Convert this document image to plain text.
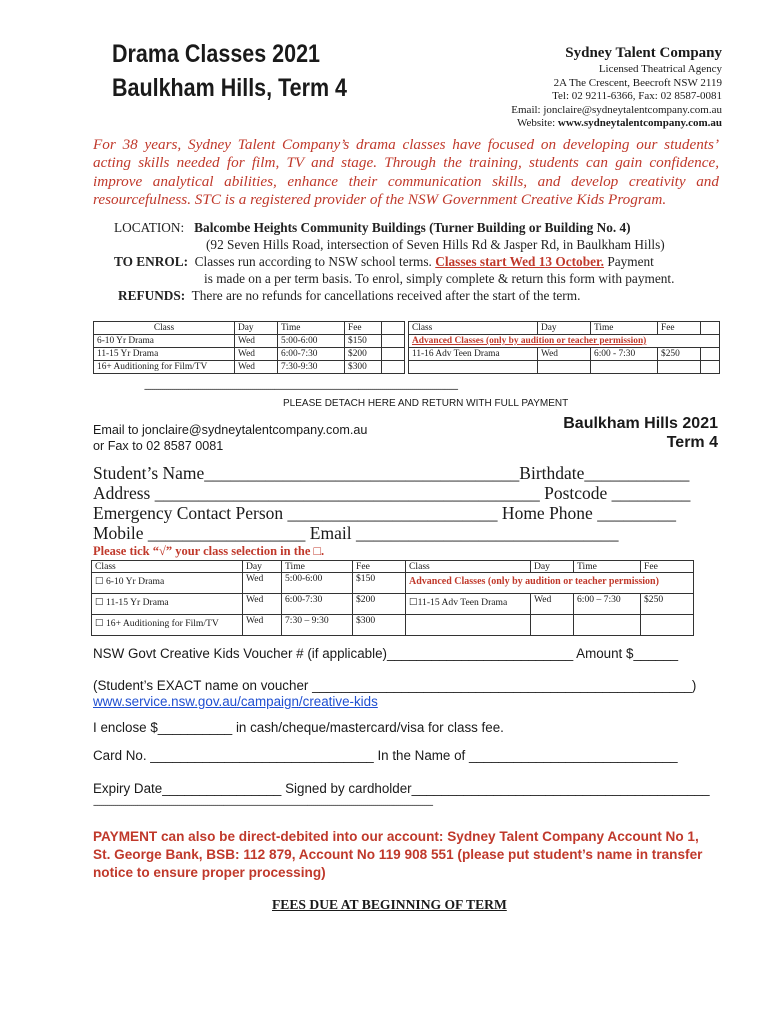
Drama Classes 2021
Baulkham Hills, Term 4
Sydney Talent Company
Licensed Theatrical Agency
2A The Crescent, Beecroft NSW 2119
Tel: 02 9211-6366, Fax: 02 8587-0081
Email: jonclaire@sydneytalentcompany.com.au
Website: www.sydneytalentcompany.com.au
For 38 years, Sydney Talent Company’s drama classes have focused on developing our students’ acting skills needed for film, TV and stage. Through the training, students can gain confidence, improve analytical abilities, enhance their communication skills, and develop creativity and resourcefulness. STC is a registered provider of the NSW Government Creative Kids Program.
LOCATION: Balcombe Heights Community Buildings (Turner Building or Building No. 4)
(92 Seven Hills Road, intersection of Seven Hills Rd & Jasper Rd, in Baulkham Hills)
TO ENROL: Classes run according to NSW school terms. Classes start Wed 13 October. Payment
is made on a per term basis. To enrol, simply complete & return this form with payment.
REFUNDS: There are no refunds for cancellations received after the start of the term.
Class	Day	Time	Fee	
6-10 Yr Drama	Wed	5:00-6:00	$150	
11-15 Yr Drama	Wed	6:00-7:30	$200	
16+ Auditioning for Film/TV	Wed	7:30-9:30	$300	
Class	Day	Time	Fee	
Advanced Classes (only by audition or teacher permission)				
11-16 Adv Teen Drama	Wed	6:00 - 7:30	$250	

-------------------------------------------------------------------------------------------------------------------------------------------------------------
PLEASE DETACH HERE AND RETURN WITH FULL PAYMENT
Email to jonclaire@sydneytalentcompany.com.au
or Fax to 02 8587 0081
Baulkham Hills 2021
Term 4
Student’s Name____________________________________Birthdate____________
Address ____________________________________________ Postcode _________
Emergency Contact Person ________________________ Home Phone _________
Mobile __________________ Email ______________________________
Please tick “√” your class selection in the □.
Class	Day	Time	Fee	Class	Day	Time	Fee
☐ 6-10 Yr Drama	Wed	5:00-6:00	$150	Advanced Classes (only by audition or teacher permission)			
☐ 11-15 Yr Drama	Wed	6:00-7:30	$200	☐11-15 Adv Teen Drama	Wed	6:00 – 7:30	$250
☐ 16+ Auditioning for Film/TV	Wed	7:30 – 9:30	$300				
NSW Govt Creative Kids Voucher # (if applicable)_________________________ Amount $______
(Student’s EXACT name on voucher ___________________________________________________)
www.service.nsw.gov.au/campaign/creative-kids
I enclose $__________ in cash/cheque/mastercard/visa for class fee.
Card No. ______________________________ In the Name of ____________________________
Expiry Date________________ Signed by cardholder________________________________________
--------------------------------------------------------------------------------------------------------------------------------------------------------------------------
PAYMENT can also be direct-debited into our account: Sydney Talent Company Account No 1, St. George Bank, BSB: 112 879, Account No 119 908 551 (please put student’s name in transfer notice to ensure proper processing)
FEES DUE AT BEGINNING OF TERM
